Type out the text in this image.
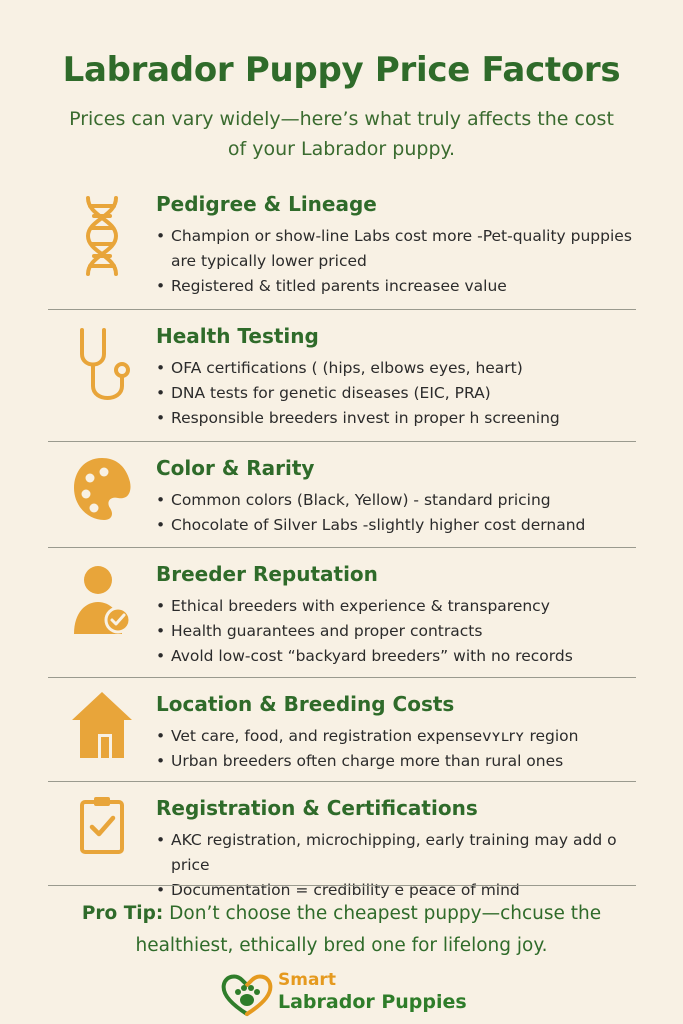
Labrador Puppy Price Factors

Prices can vary widely—here’s what truly affects the cost of your Labrador puppy.

Pedigree & Lineage
• Champion or show-line Labs cost more -Pet-quality puppies are typically lower priced
• Registered & titled parents increasee value
Health Testing
• OFA certifications ( (hips, elbows eyes, heart)
• DNA tests for genetic diseases (EIC, PRA)
• Responsible breeders invest in proper h screening
Color & Rarity
• Common colors (Black, Yellow) - standard pricing
• Chocolate of Silver Labs -slightly higher cost dernand
Breeder Reputation
• Ethical breeders with experience & transparency
• Health guarantees and proper contracts
• Avold low-cost “backyard breeders” with no records
Location & Breeding Costs
• Vet care, food, and registration expensevʏʟrʏ region
• Urban breeders often charge more than rural ones
Registration & Certifications
• AKC registration, microchipping, early training may add o price
• Documentation = credibility e peace of mind

Pro Tip: Don’t choose the cheapest puppy—chcuse the healthiest, ethically bred one for lifelong joy.

Smart
Labrador Puppies
